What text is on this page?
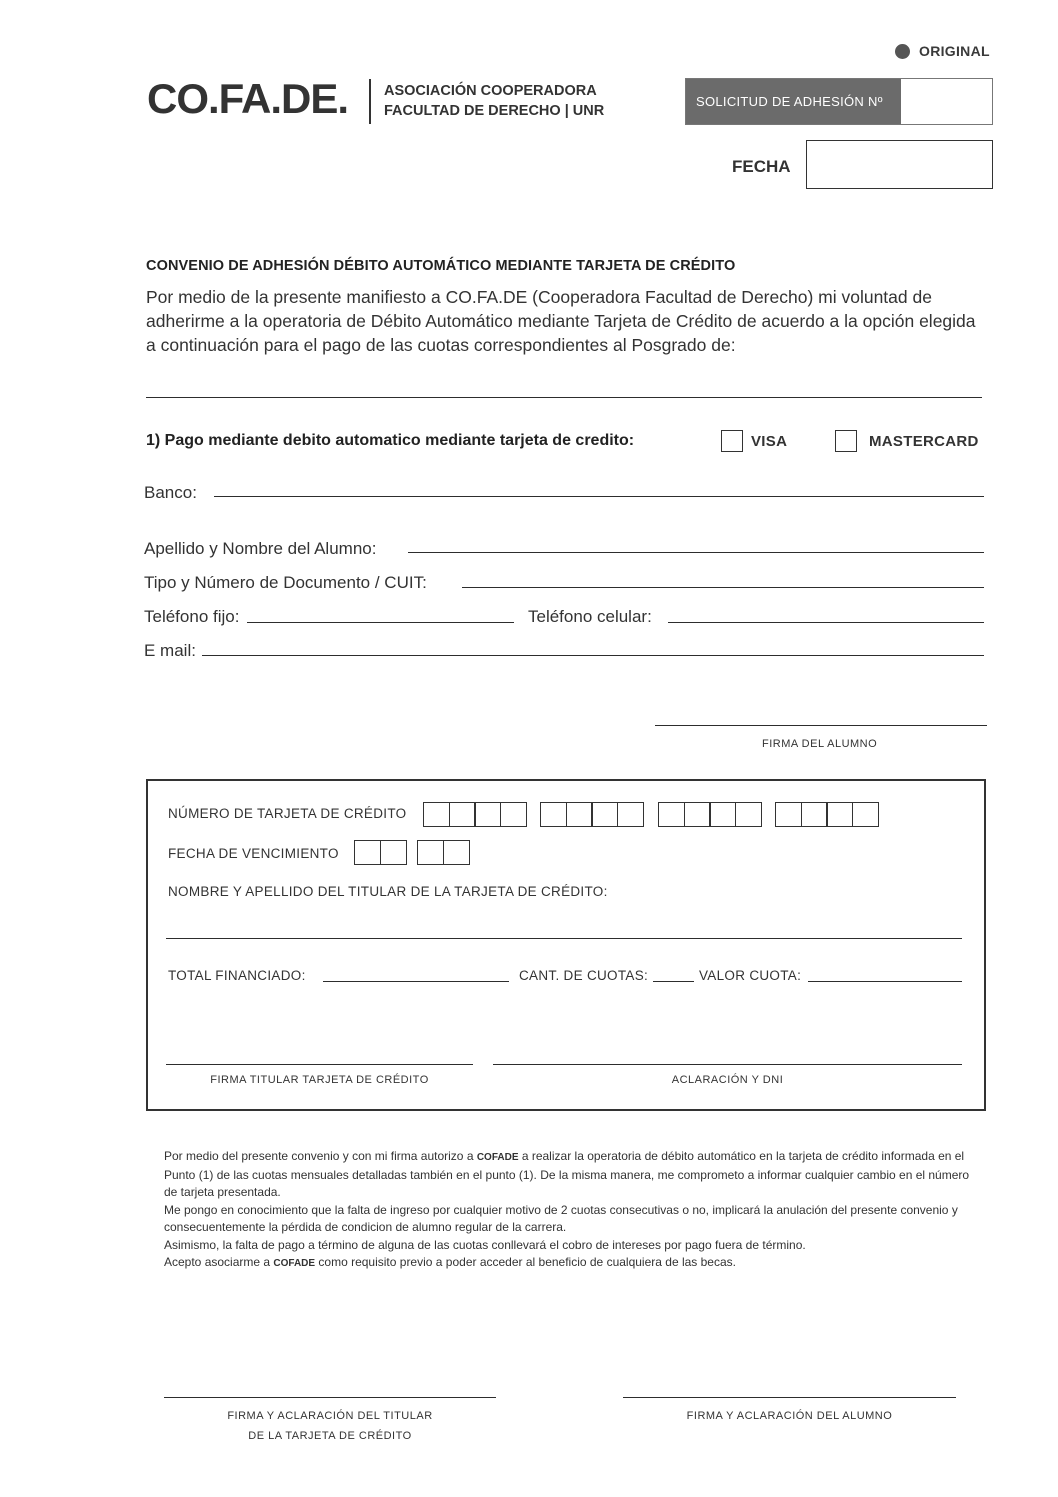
ORIGINAL
CO.FA.DE. ASOCIACIÓN COOPERADORA
FACULTAD DE DERECHO | UNR
SOLICITUD DE ADHESIÓN Nº
FECHA
CONVENIO DE ADHESIÓN DÉBITO AUTOMÁTICO MEDIANTE TARJETA DE CRÉDITO
Por medio de la presente manifiesto a CO.FA.DE (Cooperadora Facultad de Derecho) mi voluntad de adherirme a la operatoria de Débito Automático mediante Tarjeta de Crédito de acuerdo a la opción elegida a continuación para el pago de las cuotas correspondientes al Posgrado de:
1) Pago mediante debito automatico mediante tarjeta de credito:	VISA	MASTERCARD
Banco:
Apellido y Nombre del Alumno:
Tipo y Número de Documento / CUIT:
Teléfono fijo:	Teléfono celular:
E mail:
FIRMA DEL ALUMNO
NÚMERO DE TARJETA DE CRÉDITO
FECHA DE VENCIMIENTO
NOMBRE Y APELLIDO DEL TITULAR DE LA TARJETA DE CRÉDITO:
TOTAL FINANCIADO:	CANT. DE CUOTAS:	VALOR CUOTA:
FIRMA TITULAR TARJETA DE CRÉDITO	ACLARACIÓN Y DNI

Por medio del presente convenio y con mi firma autorizo a COFADE a realizar la operatoria de débito automático en la tarjeta de crédito informada en el Punto (1) de las cuotas mensuales detalladas también en el punto (1). De la misma manera, me comprometo a informar cualquier cambio en el número de tarjeta presentada.

Me pongo en conocimiento que la falta de ingreso por cualquier motivo de 2 cuotas consecutivas o no, implicará la anulación del presente convenio y consecuentemente la pérdida de condicion de alumno regular de la carrera.

Asimismo, la falta de pago a término de alguna de las cuotas conllevará el cobro de intereses por pago fuera de término.

Acepto asociarme a COFADE como requisito previo a poder acceder al beneficio de cualquiera de las becas.

FIRMA Y ACLARACIÓN DEL TITULAR
DE LA TARJETA DE CRÉDITO
FIRMA Y ACLARACIÓN DEL ALUMNO
